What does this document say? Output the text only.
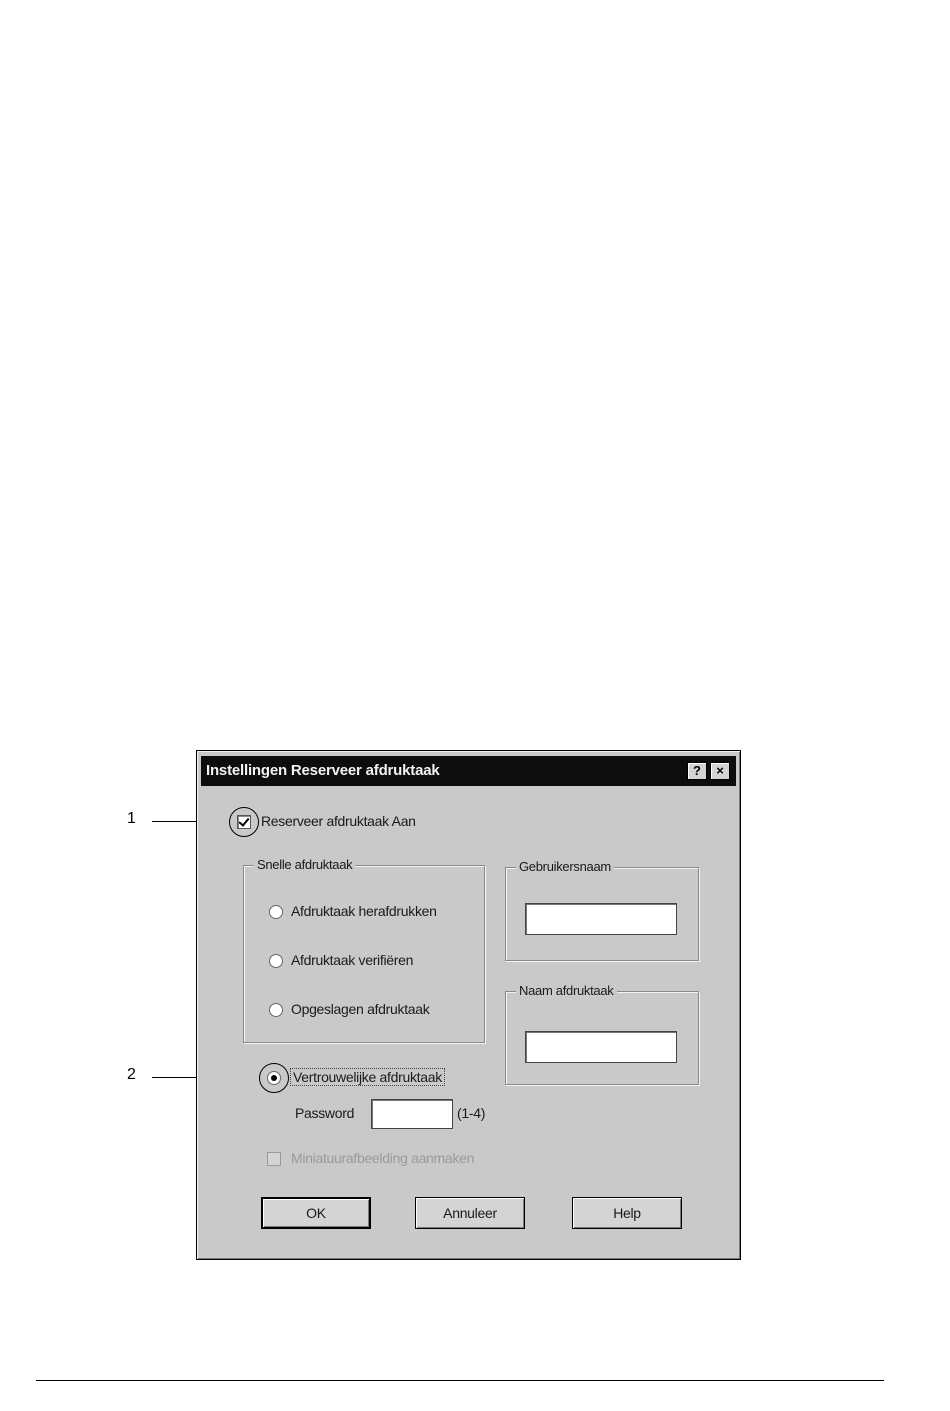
1
2
Instellingen Reserveer afdruktaak	?	×
Reserveer afdruktaak Aan
Snelle afdruktaak
Afdruktaak herafdrukken
Afdruktaak verifiëren
Opgeslagen afdruktaak
Vertrouwelijke afdruktaak
Password	(1-4)
Miniatuurafbeelding aanmaken
Gebruikersnaam
Naam afdruktaak
OK	Annuleer	Help
